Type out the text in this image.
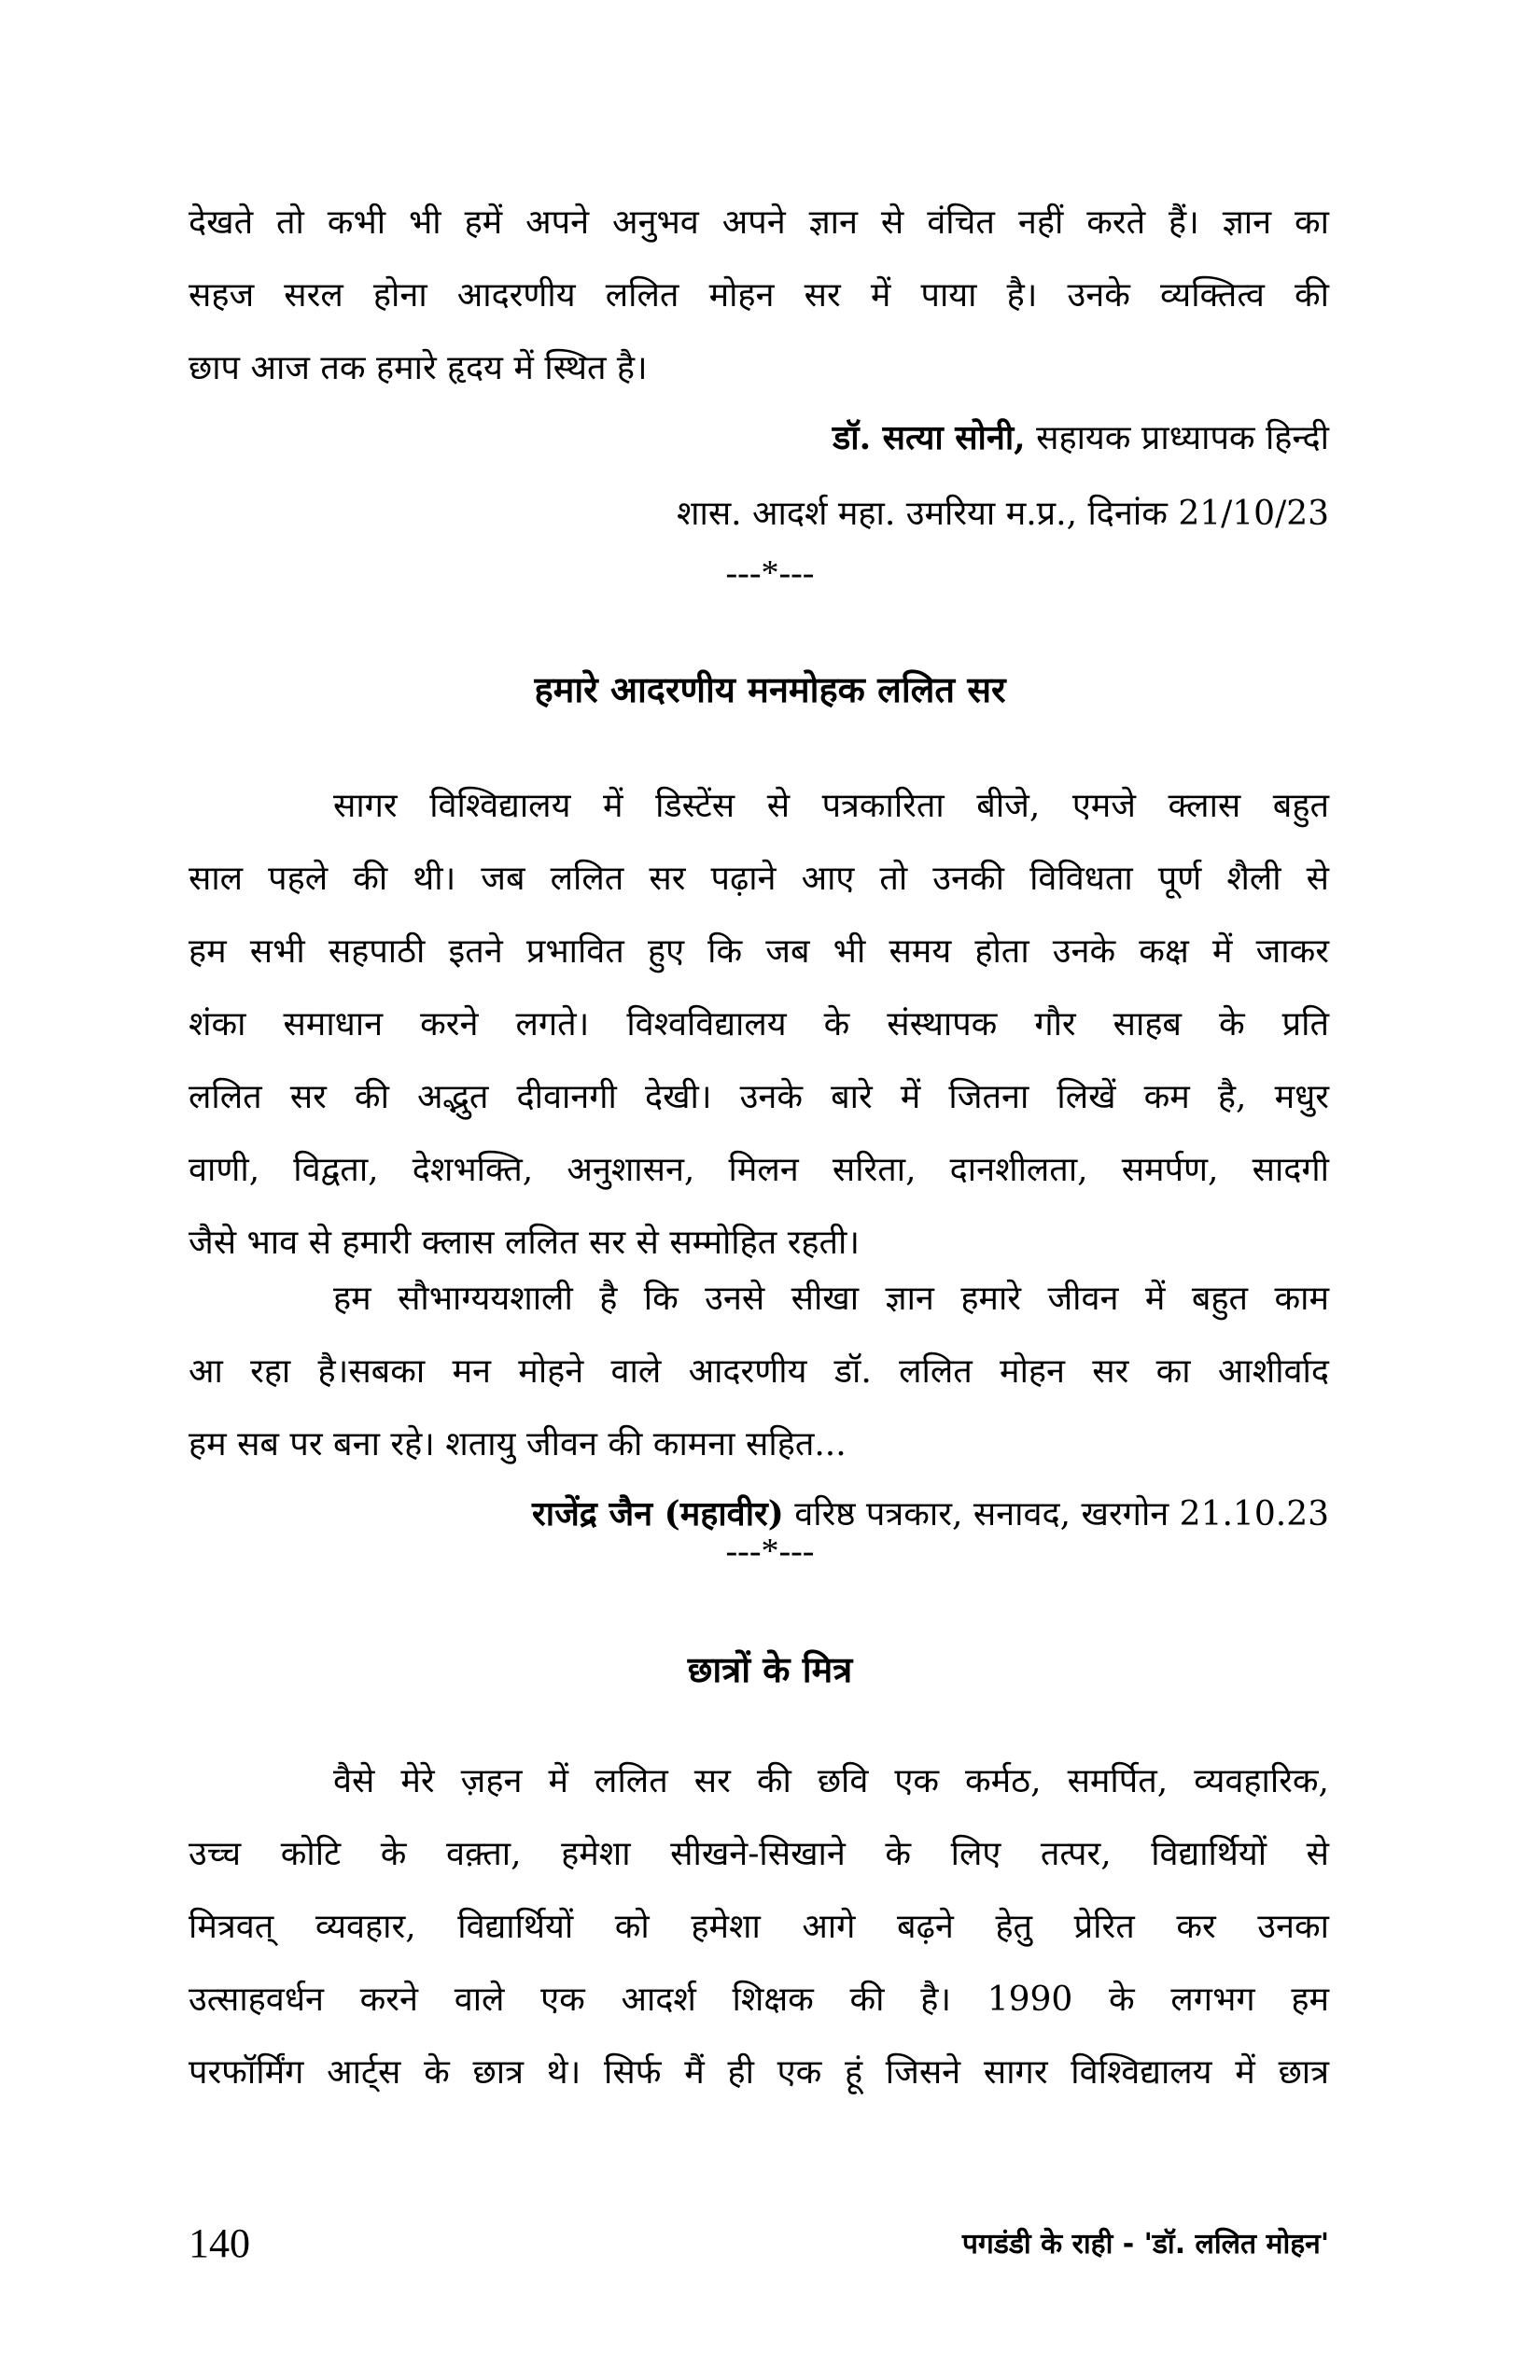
देखते तो कभी भी हमें अपने अनुभव अपने ज्ञान से वंचित नहीं करते हैं। ज्ञान का
सहज सरल होना आदरणीय ललित मोहन सर में पाया है। उनके व्यक्तित्व की
छाप आज तक हमारे हृदय में स्थित है।
डॉ. सत्या सोनी, सहायक प्राध्यापक हिन्दी
शास. आदर्श महा. उमरिया म.प्र., दिनांक 21/10/23
---*---
हमारे आदरणीय मनमोहक ललित सर
सागर विश्विद्यालय में डिस्टेंस से पत्रकारिता बीजे, एमजे क्लास बहुत
साल पहले की थी। जब ललित सर पढ़ाने आए तो उनकी विविधता पूर्ण शैली से
हम सभी सहपाठी इतने प्रभावित हुए कि जब भी समय होता उनके कक्ष में जाकर
शंका समाधान करने लगते। विश्वविद्यालय के संस्थापक गौर साहब के प्रति
ललित सर की अद्भुत दीवानगी देखी। उनके बारे में जितना लिखें कम है, मधुर
वाणी, विद्वता, देशभक्ति, अनुशासन, मिलन सरिता, दानशीलता, समर्पण, सादगी
जैसे भाव से हमारी क्लास ललित सर से सम्मोहित रहती।
हम सौभाग्ययशाली है कि उनसे सीखा ज्ञान हमारे जीवन में बहुत काम
आ रहा है।सबका मन मोहने वाले आदरणीय डॉ. ललित मोहन सर का आशीर्वाद
हम सब पर बना रहे। शतायु जीवन की कामना सहित...
राजेंद्र जैन (महावीर) वरिष्ठ पत्रकार, सनावद, खरगोन 21.10.23
---*---
छात्रों के मित्र
वैसे मेरे ज़हन में ललित सर की छवि एक कर्मठ, समर्पित, व्यवहारिक,
उच्च कोटि के वक़्ता, हमेशा सीखने-सिखाने के लिए तत्पर, विद्यार्थियों से
मित्रवत् व्यवहार, विद्यार्थियों को हमेशा आगे बढ़ने हेतु प्रेरित कर उनका
उत्साहवर्धन करने वाले एक आदर्श शिक्षक की है। 1990 के लगभग हम
परफॉर्मिंग आर्ट्स के छात्र थे। सिर्फ मैं ही एक हूं जिसने सागर विश्विद्यालय में छात्र
140	पगडंडी के राही - 'डॉ. ललित मोहन'
